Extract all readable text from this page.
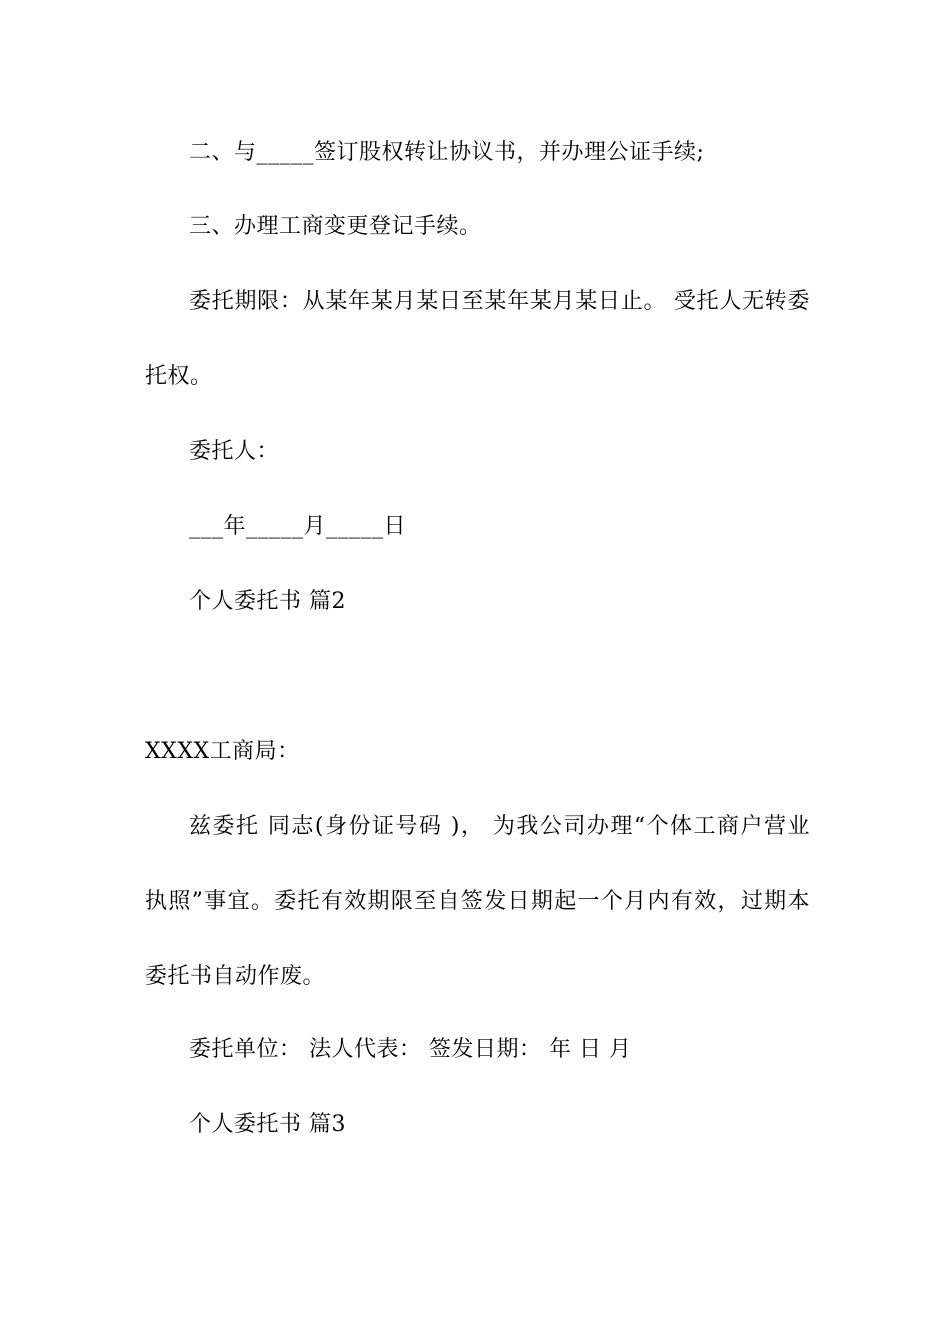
二、与_____签订股权转让协议书，并办理公证手续;
三、办理工商变更登记手续。
委托期限：从某年某月某日至某年某月某日止。 受托人无转委
托权。
委托人：
___年_____月_____日
个人委托书 篇2
XXXX工商局：
兹委托 同志(身份证号码 )， 为我公司办理“个体工商户营业
执照”事宜。委托有效期限至自签发日期起一个月内有效，过期本
委托书自动作废。
委托单位： 法人代表： 签发日期： 年 日 月
个人委托书 篇3
